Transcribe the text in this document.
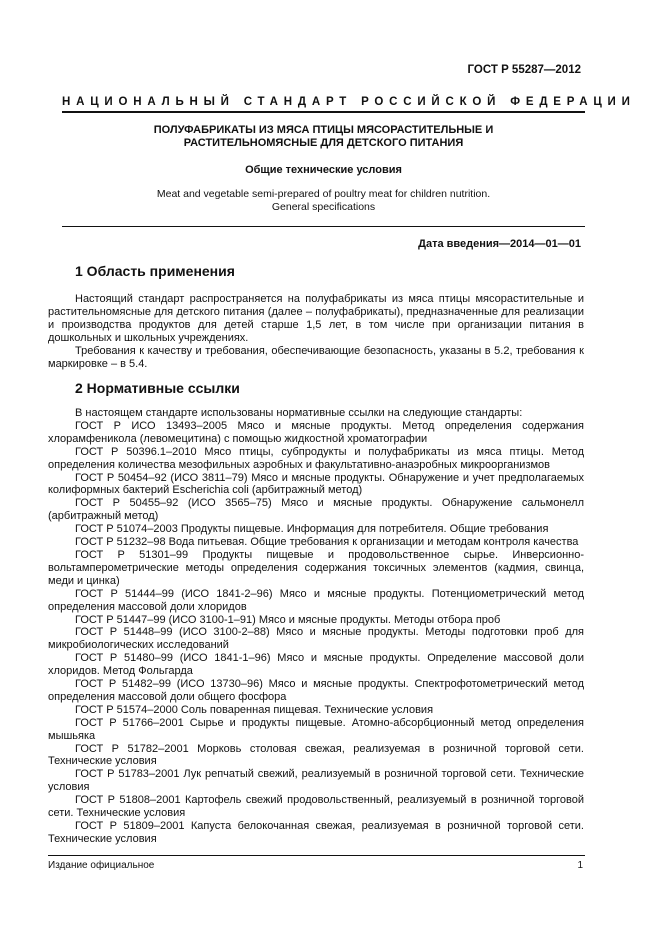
ГОСТ Р 55287—2012
НАЦИОНАЛЬНЫЙ СТАНДАРТ РОССИЙСКОЙ ФЕДЕРАЦИИ
ПОЛУФАБРИКАТЫ ИЗ МЯСА ПТИЦЫ МЯСОРАСТИТЕЛЬНЫЕ И
РАСТИТЕЛЬНОМЯСНЫЕ ДЛЯ ДЕТСКОГО ПИТАНИЯ
Общие технические условия
Meat and vegetable semi-prepared of poultry meat for children nutrition.
General specifications
Дата введения—2014—01—01
1 Область применения

Настоящий стандарт распространяется на полуфабрикаты из мяса птицы мясорастительные и растительномясные для детского питания (далее – полуфабрикаты), предназначенные для реализации и производства продуктов для детей старше 1,5 лет, в том числе при организации питания в дошкольных и школьных учреждениях.

Требования к качеству и требования, обеспечивающие безопасность, указаны в 5.2, требования к маркировке – в 5.4.

2 Нормативные ссылки

В настоящем стандарте использованы нормативные ссылки на следующие стандарты:

ГОСТ Р ИСО 13493–2005 Мясо и мясные продукты. Метод определения содержания хлорамфеникола (левомецитина) с помощью жидкостной хроматографии

ГОСТ Р 50396.1–2010 Мясо птицы, субпродукты и полуфабрикаты из мяса птицы. Метод определения количества мезофильных аэробных и факультативно-анаэробных микроорганизмов

ГОСТ Р 50454–92 (ИСО 3811–79) Мясо и мясные продукты. Обнаружение и учет предполагаемых колиформных бактерий Escherichia coli (арбитражный метод)

ГОСТ Р 50455–92 (ИСО 3565–75) Мясо и мясные продукты. Обнаружение сальмонелл (арбитражный метод)

ГОСТ Р 51074–2003 Продукты пищевые. Информация для потребителя. Общие требования

ГОСТ Р 51232–98 Вода питьевая. Общие требования к организации и методам контроля качества

ГОСТ Р 51301–99 Продукты пищевые и продовольственное сырье. Инверсионно-вольтамперометрические методы определения содержания токсичных элементов (кадмия, свинца, меди и цинка)

ГОСТ Р 51444–99 (ИСО 1841-2–96) Мясо и мясные продукты. Потенциометрический метод определения массовой доли хлоридов

ГОСТ Р 51447–99 (ИСО 3100-1–91) Мясо и мясные продукты. Методы отбора проб

ГОСТ Р 51448–99 (ИСО 3100-2–88) Мясо и мясные продукты. Методы подготовки проб для микробиологических исследований

ГОСТ Р 51480–99 (ИСО 1841-1–96) Мясо и мясные продукты. Определение массовой доли хлоридов. Метод Фольгарда

ГОСТ Р 51482–99 (ИСО 13730–96) Мясо и мясные продукты. Спектрофотометрический метод определения массовой доли общего фосфора

ГОСТ Р 51574–2000 Соль поваренная пищевая. Технические условия

ГОСТ Р 51766–2001 Сырье и продукты пищевые. Атомно-абсорбционный метод определения мышьяка

ГОСТ Р 51782–2001 Морковь столовая свежая, реализуемая в розничной торговой сети. Технические условия

ГОСТ Р 51783–2001 Лук репчатый свежий, реализуемый в розничной торговой сети. Технические условия

ГОСТ Р 51808–2001 Картофель свежий продовольственный, реализуемый в розничной торговой сети. Технические условия

ГОСТ Р 51809–2001 Капуста белокочанная свежая, реализуемая в розничной торговой сети. Технические условия

Издание официальное	1
